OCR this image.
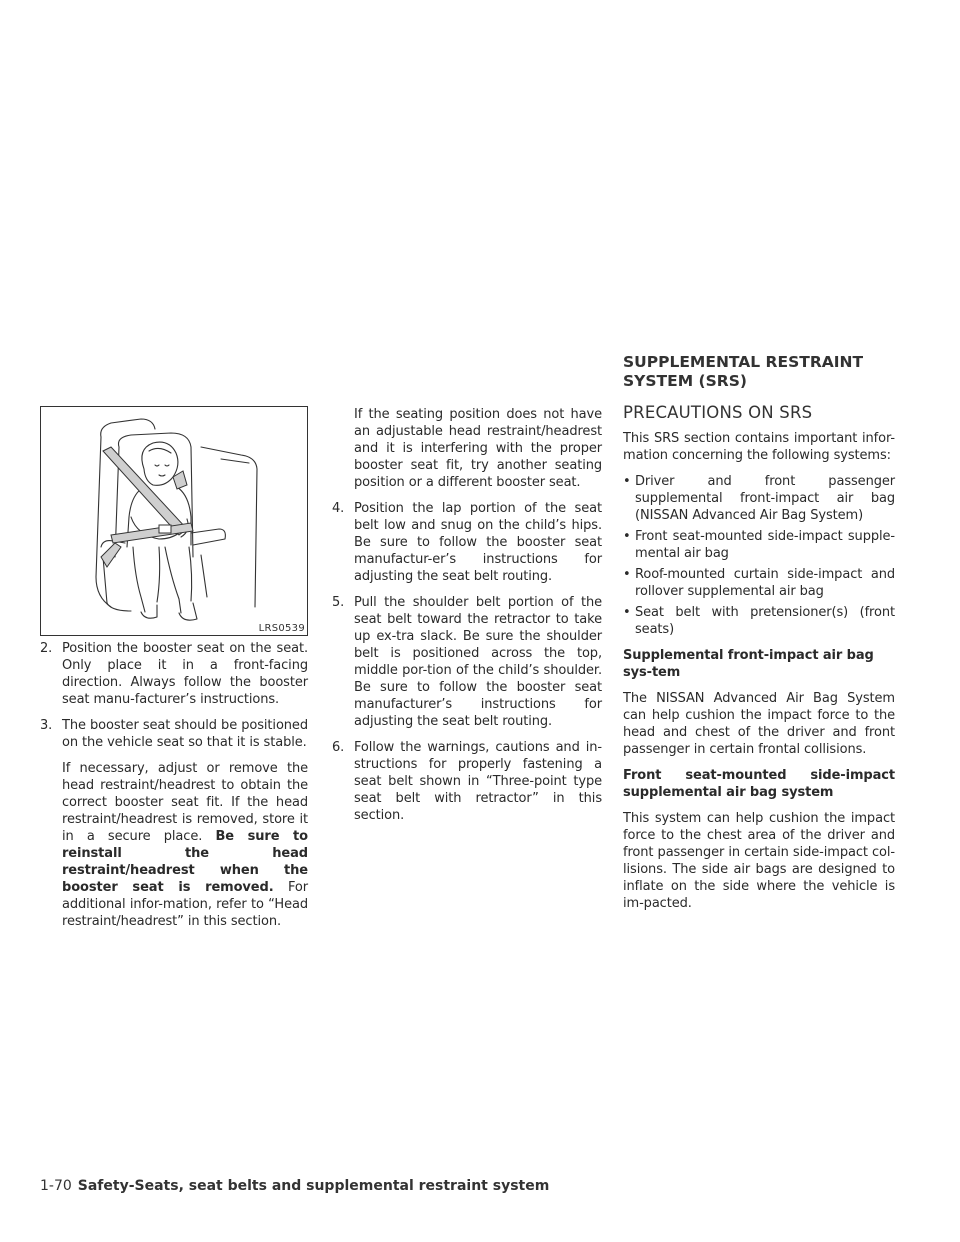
LRS0539
2. Position the booster seat on the seat. Only place it in a front-facing direction. Always follow the booster seat manu-facturer’s instructions.
3. The booster seat should be positioned on the vehicle seat so that it is stable.

If necessary, adjust or remove the head restraint/headrest to obtain the correct booster seat fit. If the head restraint/headrest is removed, store it in a secure place. Be sure to reinstall the head restraint/headrest when the booster seat is removed. For additional infor-mation, refer to “Head restraint/headrest” in this section.

If the seating position does not have an adjustable head restraint/headrest and it is interfering with the proper booster seat fit, try another seating position or a different booster seat.

4. Position the lap portion of the seat belt low and snug on the child’s hips. Be sure to follow the booster seat manufactur-er’s instructions for adjusting the seat belt routing.
5. Pull the shoulder belt portion of the seat belt toward the retractor to take up ex-tra slack. Be sure the shoulder belt is positioned across the top, middle por-tion of the child’s shoulder. Be sure to follow the booster seat manufacturer’s instructions for adjusting the seat belt routing.
6. Follow the warnings, cautions and in-structions for properly fastening a seat belt shown in “Three-point type seat belt with retractor” in this section.
SUPPLEMENTAL RESTRAINT SYSTEM (SRS)
PRECAUTIONS ON SRS

This SRS section contains important infor-mation concerning the following systems:

• Driver and front passenger supplemental front-impact air bag (NISSAN Advanced Air Bag System)
• Front seat-mounted side-impact supple-mental air bag
• Roof-mounted curtain side-impact and rollover supplemental air bag
• Seat belt with pretensioner(s) (front seats)

Supplemental front-impact air bag sys-tem

The NISSAN Advanced Air Bag System can help cushion the impact force to the head and chest of the driver and front passenger in certain frontal collisions.

Front seat-mounted side-impact supplemental air bag system

This system can help cushion the impact force to the chest area of the driver and front passenger in certain side-impact col-lisions. The side air bags are designed to inflate on the side where the vehicle is im-pacted.

1-70 Safety-Seats, seat belts and supplemental restraint system
